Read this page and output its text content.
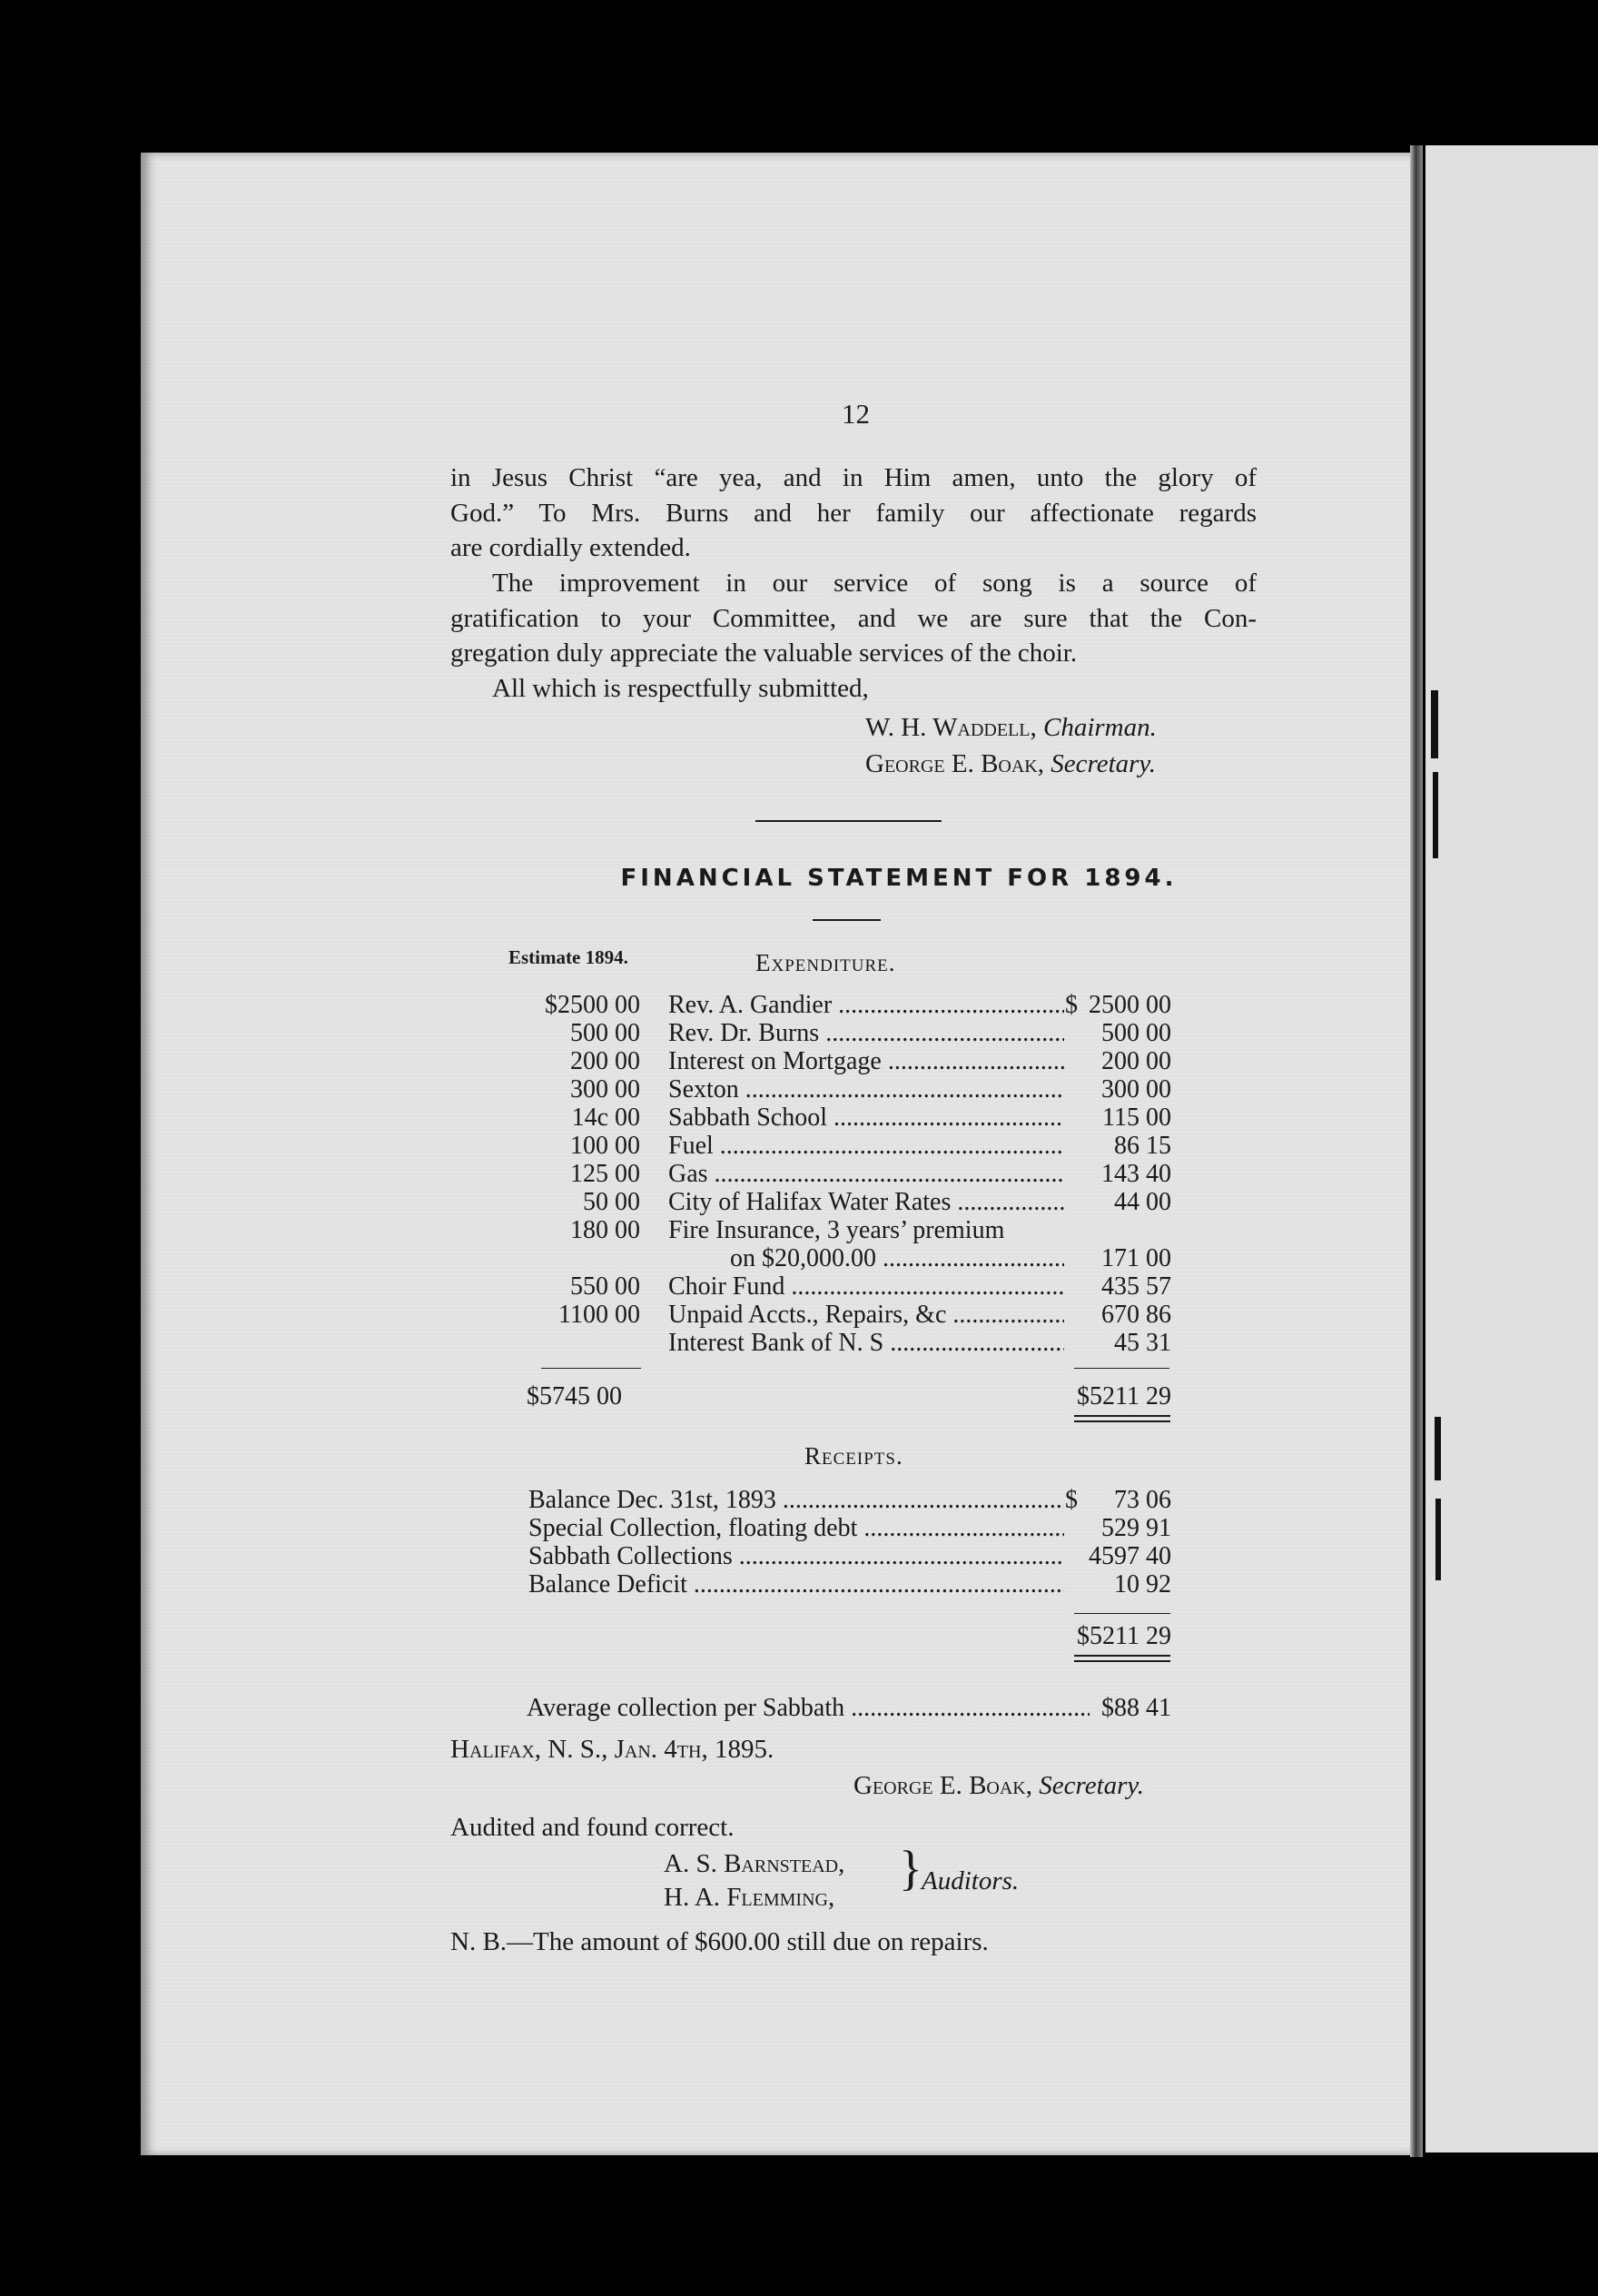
12
in Jesus Christ “are yea, and in Him amen, unto the glory of
God.” To Mrs. Burns and her family our affectionate regards
are cordially extended.
The improvement in our service of song is a source of
gratification to your Committee, and we are sure that the Con-
gregation duly appreciate the valuable services of the choir.
All which is respectfully submitted,
W. H. Waddell, Chairman.
George E. Boak, Secretary.
FINANCIAL STATEMENT FOR 1894.
Estimate 1894.	Expenditure.
$2500 00 Rev. A. Gandier .....	$ 2500 00
500 00 Rev. Dr. Burns .....	500 00
200 00 Interest on Mortgage .....	200 00
300 00 Sexton .....	300 00
14c 00 Sabbath School .....	115 00
100 00 Fuel .....	86 15
125 00 Gas .....	143 40
50 00 City of Halifax Water Rates .....	44 00
180 00 Fire Insurance, 3 years’ premium
on $20,000.00 .....	171 00
550 00 Choir Fund .....	435 57
1100 00 Unpaid Accts., Repairs, &c .....	670 86
Interest Bank of N. S .....	45 31
$5745 00	$5211 29
Receipts.
Balance Dec. 31st, 1893 .....	$	73 06
Special Collection, floating debt .....	529 91
Sabbath Collections .....	4597 40
Balance Deficit .....	10 92
$5211 29
Average collection per Sabbath .....	$88 41
Halifax, N. S., Jan. 4th, 1895.
George E. Boak, Secretary.
Audited and found correct.
A. S. Barnstead,
H. A. Flemming,
} Auditors.
N. B.—The amount of $600.00 still due on repairs.
